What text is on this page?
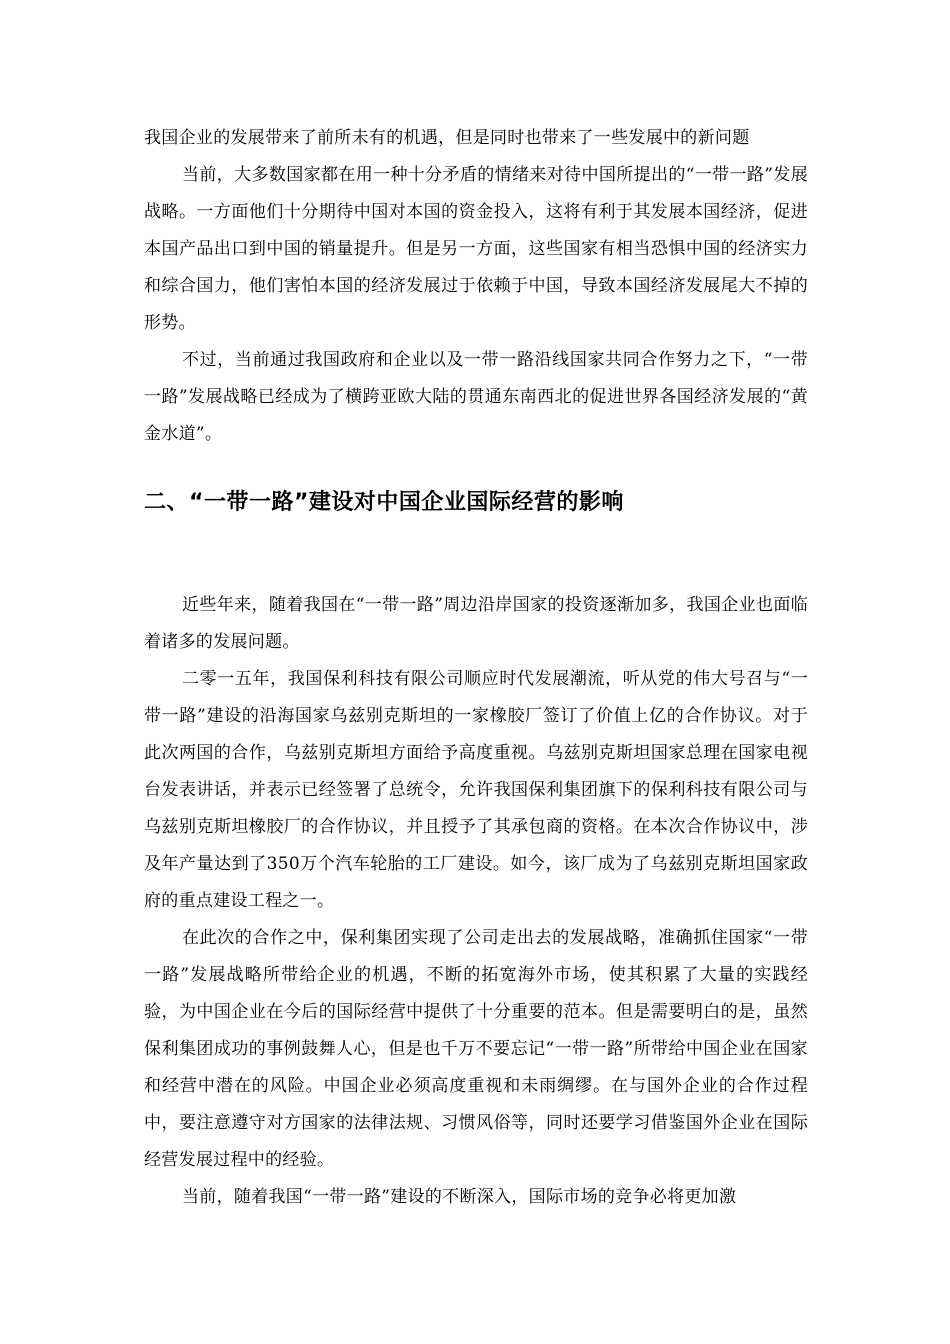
我国企业的发展带来了前所未有的机遇，但是同时也带来了一些发展中的新问题

当前，大多数国家都在用一种十分矛盾的情绪来对待中国所提出的“一带一路”发展战略。一方面他们十分期待中国对本国的资金投入，这将有利于其发展本国经济，促进本国产品出口到中国的销量提升。但是另一方面，这些国家有相当恐惧中国的经济实力和综合国力，他们害怕本国的经济发展过于依赖于中国，导致本国经济发展尾大不掉的形势。

不过，当前通过我国政府和企业以及一带一路沿线国家共同合作努力之下，“一带一路”发展战略已经成为了横跨亚欧大陆的贯通东南西北的促进世界各国经济发展的“黄金水道”。

二、“一带一路”建设对中国企业国际经营的影响

近些年来，随着我国在“一带一路”周边沿岸国家的投资逐渐加多，我国企业也面临着诸多的发展问题。

二零一五年，我国保利科技有限公司顺应时代发展潮流，听从党的伟大号召与“一带一路”建设的沿海国家乌兹别克斯坦的一家橡胶厂签订了价值上亿的合作协议。对于此次两国的合作，乌兹别克斯坦方面给予高度重视。乌兹别克斯坦国家总理在国家电视台发表讲话，并表示已经签署了总统令，允许我国保利集团旗下的保利科技有限公司与乌兹别克斯坦橡胶厂的合作协议，并且授予了其承包商的资格。在本次合作协议中，涉及年产量达到了350万个汽车轮胎的工厂建设。如今，该厂成为了乌兹别克斯坦国家政府的重点建设工程之一。

在此次的合作之中，保利集团实现了公司走出去的发展战略，准确抓住国家“一带一路”发展战略所带给企业的机遇，不断的拓宽海外市场，使其积累了大量的实践经验，为中国企业在今后的国际经营中提供了十分重要的范本。但是需要明白的是，虽然保利集团成功的事例鼓舞人心，但是也千万不要忘记“一带一路”所带给中国企业在国家和经营中潜在的风险。中国企业必须高度重视和未雨绸缪。在与国外企业的合作过程中，要注意遵守对方国家的法律法规、习惯风俗等，同时还要学习借鉴国外企业在国际经营发展过程中的经验。

当前，随着我国“一带一路”建设的不断深入，国际市场的竞争必将更加激
